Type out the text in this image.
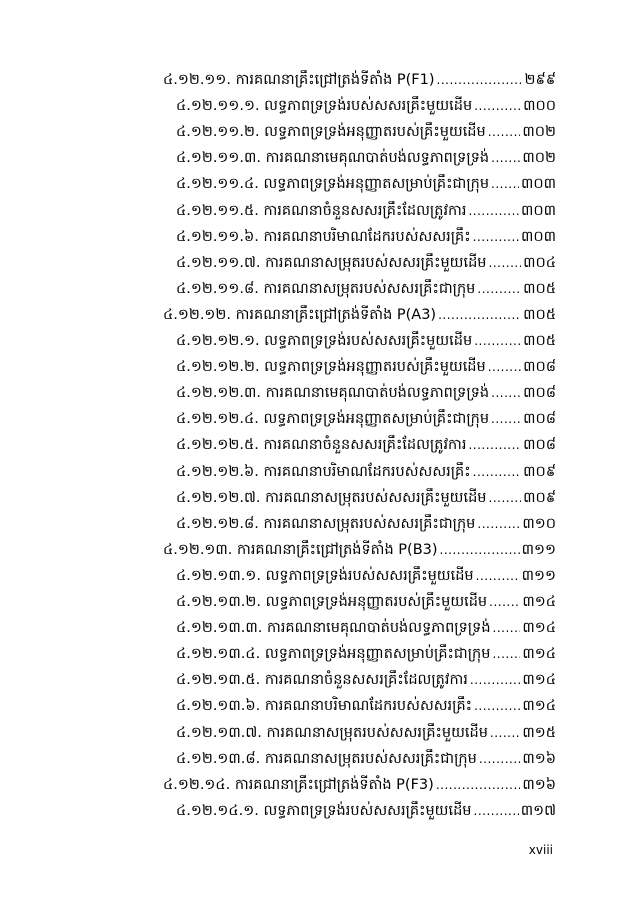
៤.១២.១១. ការគណនាគ្រឹះជ្រៅត្រង់ទីតាំង P(F1) .....	២៩៩
៤.១២.១១.១. លទ្ធភាពទ្រទ្រង់របស់សសរគ្រឹះមួយដើម .....	៣០០
៤.១២.១១.២. លទ្ធភាពទ្រទ្រង់អនុញ្ញាតរបស់គ្រឹះមួយដើម .....	៣០២
៤.១២.១១.៣. ការគណនាមេគុណបាត់បង់លទ្ធភាពទ្រទ្រង់ ..... ៣០២
៤.១២.១១.៤. លទ្ធភាពទ្រទ្រង់អនុញ្ញាតសម្រាប់គ្រឹះជាក្រុម ..... ៣០៣
៤.១២.១១.៥. ការគណនាចំនួនសសរគ្រឹះដែលត្រូវការ .....	៣០៣
៤.១២.១១.៦. ការគណនាបរិមាណដែករបស់សសរគ្រឹះ .....	៣០៣
៤.១២.១១.៧. ការគណនាសម្រុតរបស់សសរគ្រឹះមួយដើម .....	៣០៤
៤.១២.១១.៨. ការគណនាសម្រុតរបស់សសរគ្រឹះជាក្រុម .....	៣០៥
៤.១២.១២. ការគណនាគ្រឹះជ្រៅត្រង់ទីតាំង P(A3) .....	៣០៥
៤.១២.១២.១. លទ្ធភាពទ្រទ្រង់របស់សសរគ្រឹះមួយដើម .....	៣០៥
៤.១២.១២.២. លទ្ធភាពទ្រទ្រង់អនុញ្ញាតរបស់គ្រឹះមួយដើម .....	៣០៨
៤.១២.១២.៣. ការគណនាមេគុណបាត់បង់លទ្ធភាពទ្រទ្រង់ ..... ៣០៨
៤.១២.១២.៤. លទ្ធភាពទ្រទ្រង់អនុញ្ញាតសម្រាប់គ្រឹះជាក្រុម ..... ៣០៨
៤.១២.១២.៥. ការគណនាចំនួនសសរគ្រឹះដែលត្រូវការ .....	៣០៨
៤.១២.១២.៦. ការគណនាបរិមាណដែករបស់សសរគ្រឹះ .....	៣០៩
៤.១២.១២.៧. ការគណនាសម្រុតរបស់សសរគ្រឹះមួយដើម .....	៣០៩
៤.១២.១២.៨. ការគណនាសម្រុតរបស់សសរគ្រឹះជាក្រុម .....	៣១០
៤.១២.១៣. ការគណនាគ្រឹះជ្រៅត្រង់ទីតាំង P(B3) .....	៣១១
៤.១២.១៣.១. លទ្ធភាពទ្រទ្រង់របស់សសរគ្រឹះមួយដើម .....	៣១១
៤.១២.១៣.២. លទ្ធភាពទ្រទ្រង់អនុញ្ញាតរបស់គ្រឹះមួយដើម ..... ៣១៤
៤.១២.១៣.៣. ការគណនាមេគុណបាត់បង់លទ្ធភាពទ្រទ្រង់ ..... ៣១៤
៤.១២.១៣.៤. លទ្ធភាពទ្រទ្រង់អនុញ្ញាតសម្រាប់គ្រឹះជាក្រុម ..... ៣១៤
៤.១២.១៣.៥. ការគណនាចំនួនសសរគ្រឹះដែលត្រូវការ .....	៣១៤
៤.១២.១៣.៦. ការគណនាបរិមាណដែករបស់សសរគ្រឹះ .....	៣១៤
៤.១២.១៣.៧. ការគណនាសម្រុតរបស់សសរគ្រឹះមួយដើម ..... ៣១៥
៤.១២.១៣.៨. ការគណនាសម្រុតរបស់សសរគ្រឹះជាក្រុម .....	៣១៦
៤.១២.១៤. ការគណនាគ្រឹះជ្រៅត្រង់ទីតាំង P(F3) .....	៣១៦
៤.១២.១៤.១. លទ្ធភាពទ្រទ្រង់របស់សសរគ្រឹះមួយដើម .....	៣១៧
xviii
